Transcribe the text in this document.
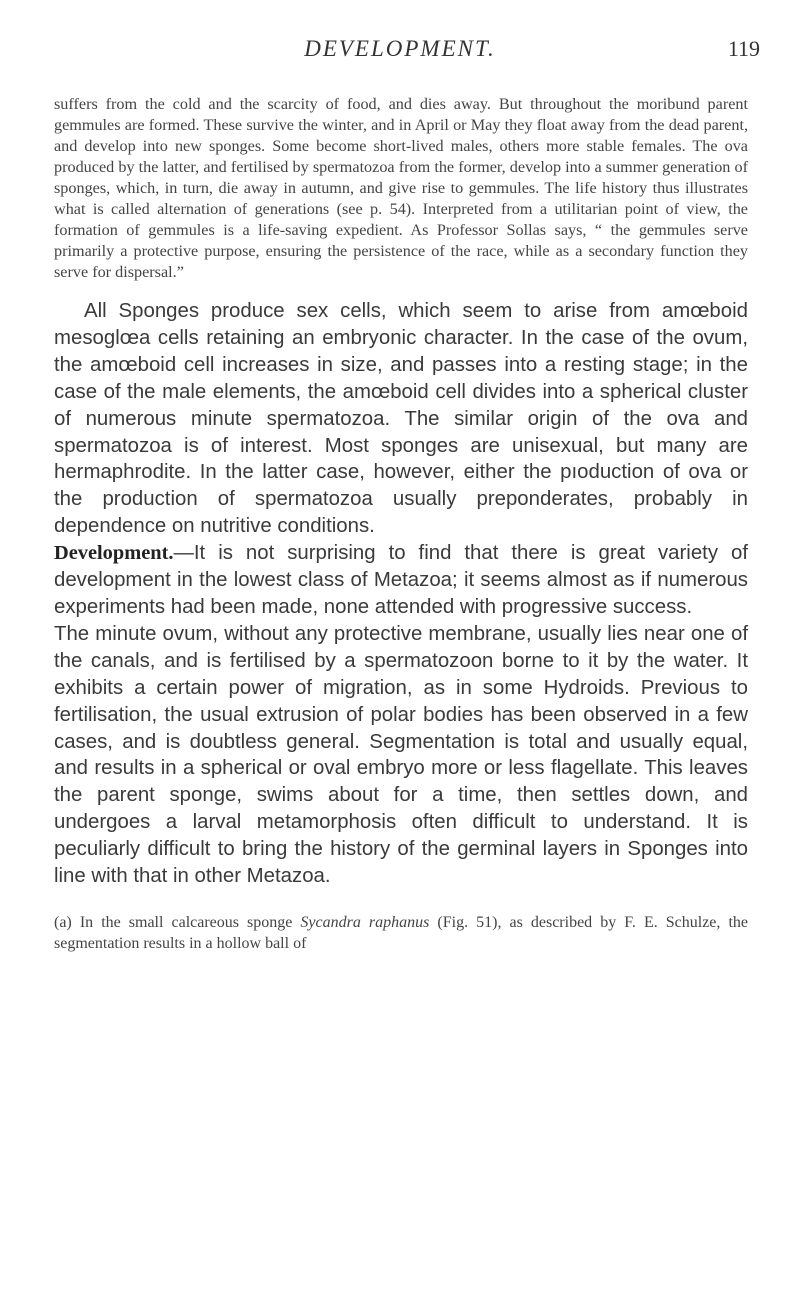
DEVELOPMENT.	119

suffers from the cold and the scarcity of food, and dies away. But throughout the moribund parent gemmules are formed. These survive the winter, and in April or May they float away from the dead parent, and develop into new sponges. Some become short-lived males, others more stable females. The ova produced by the latter, and fertilised by spermatozoa from the former, develop into a summer generation of sponges, which, in turn, die away in autumn, and give rise to gemmules. The life history thus illustrates what is called alternation of generations (see p. 54). Interpreted from a utilitarian point of view, the formation of gemmules is a life-saving expedient. As Professor Sollas says, “ the gemmules serve primarily a protective purpose, ensuring the persistence of the race, while as a secondary function they serve for dispersal.”

All Sponges produce sex cells, which seem to arise from amœboid mesoglœa cells retaining an embryonic character. In the case of the ovum, the amœboid cell increases in size, and passes into a resting stage; in the case of the male elements, the amœboid cell divides into a spherical cluster of numerous minute spermatozoa. The similar origin of the ova and spermatozoa is of interest. Most sponges are unisexual, but many are hermaphrodite. In the latter case, however, either the pıoduction of ova or the production of spermatozoa usually preponderates, probably in dependence on nutritive conditions.

Development.—It is not surprising to find that there is great variety of development in the lowest class of Metazoa; it seems almost as if numerous experiments had been made, none attended with progressive success.

The minute ovum, without any protective membrane, usually lies near one of the canals, and is fertilised by a spermatozoon borne to it by the water. It exhibits a certain power of migration, as in some Hydroids. Previous to fertilisation, the usual extrusion of polar bodies has been observed in a few cases, and is doubtless general. Segmentation is total and usually equal, and results in a spherical or oval embryo more or less flagellate. This leaves the parent sponge, swims about for a time, then settles down, and undergoes a larval metamorphosis often difficult to understand. It is peculiarly difficult to bring the history of the germinal layers in Sponges into line with that in other Metazoa.

(a) In the small calcareous sponge Sycandra raphanus (Fig. 51), as described by F. E. Schulze, the segmentation results in a hollow ball of
